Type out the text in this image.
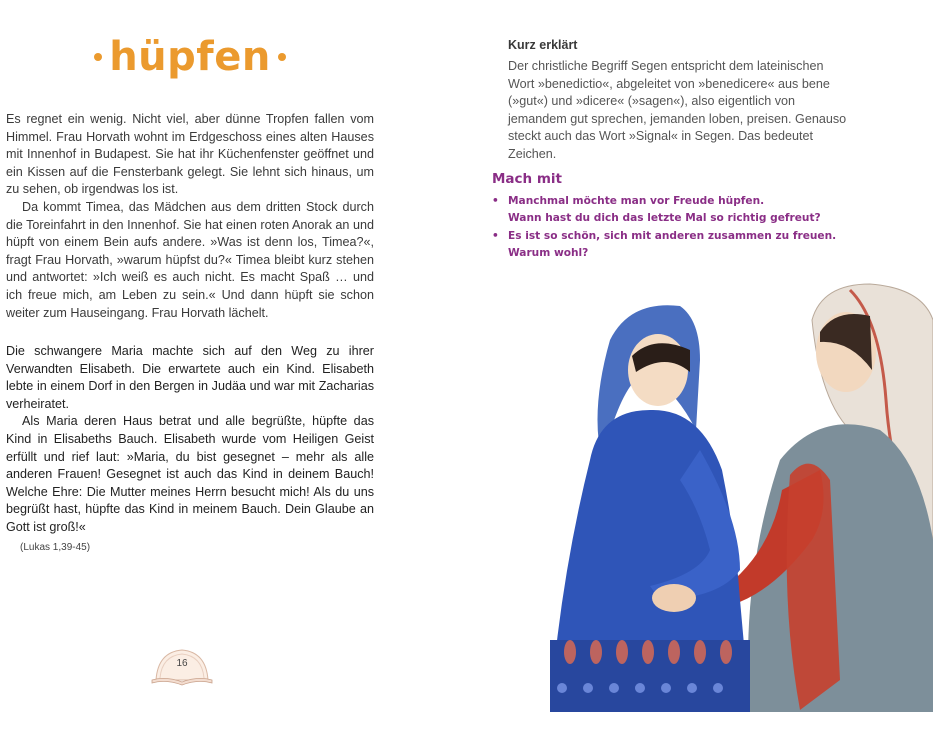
hüpfen

Es regnet ein wenig. Nicht viel, aber dünne Tropfen fallen vom Himmel. Frau Horvath wohnt im Erdgeschoss eines alten Hauses mit Innenhof in Budapest. Sie hat ihr Küchenfenster geöffnet und ein Kissen auf die Fensterbank gelegt. Sie lehnt sich hinaus, um zu sehen, ob irgendwas los ist.

Da kommt Timea, das Mädchen aus dem dritten Stock durch die Toreinfahrt in den Innenhof. Sie hat einen roten Anorak an und hüpft von einem Bein aufs andere. »Was ist denn los, Timea?«, fragt Frau Horvath, »warum hüpfst du?« Timea bleibt kurz stehen und antwortet: »Ich weiß es auch nicht. Es macht Spaß … und ich freue mich, am Leben zu sein.« Und dann hüpft sie schon weiter zum Hauseingang. Frau Horvath lächelt.

Die schwangere Maria machte sich auf den Weg zu ihrer Verwandten Elisabeth. Die erwartete auch ein Kind. Elisabeth lebte in einem Dorf in den Bergen in Judäa und war mit Zacharias verheiratet.

Als Maria deren Haus betrat und alle begrüßte, hüpfte das Kind in Elisabeths Bauch. Elisabeth wurde vom Heiligen Geist erfüllt und rief laut: »Maria, du bist gesegnet – mehr als alle anderen Frauen! Gesegnet ist auch das Kind in deinem Bauch! Welche Ehre: Die Mutter meines Herrn besucht mich! Als du uns begrüßt hast, hüpfte das Kind in meinem Bauch. Dein Glaube an Gott ist groß!«

(Lukas 1,39-45)
16
Kurz erklärt

Der christliche Begriff Segen entspricht dem lateinischen Wort »benedictio«, abgeleitet von »benedicere« aus bene (»gut«) und »dicere« (»sagen«), also eigentlich von jemandem gut sprechen, jemanden loben, preisen. Genauso steckt auch das Wort »Signal« in Segen. Das bedeutet Zeichen.

Mach mit
• Manchmal möchte man vor Freude hüpfen.
Wann hast du dich das letzte Mal so richtig gefreut?
• Es ist so schön, sich mit anderen zusammen zu freuen.
Warum wohl?
